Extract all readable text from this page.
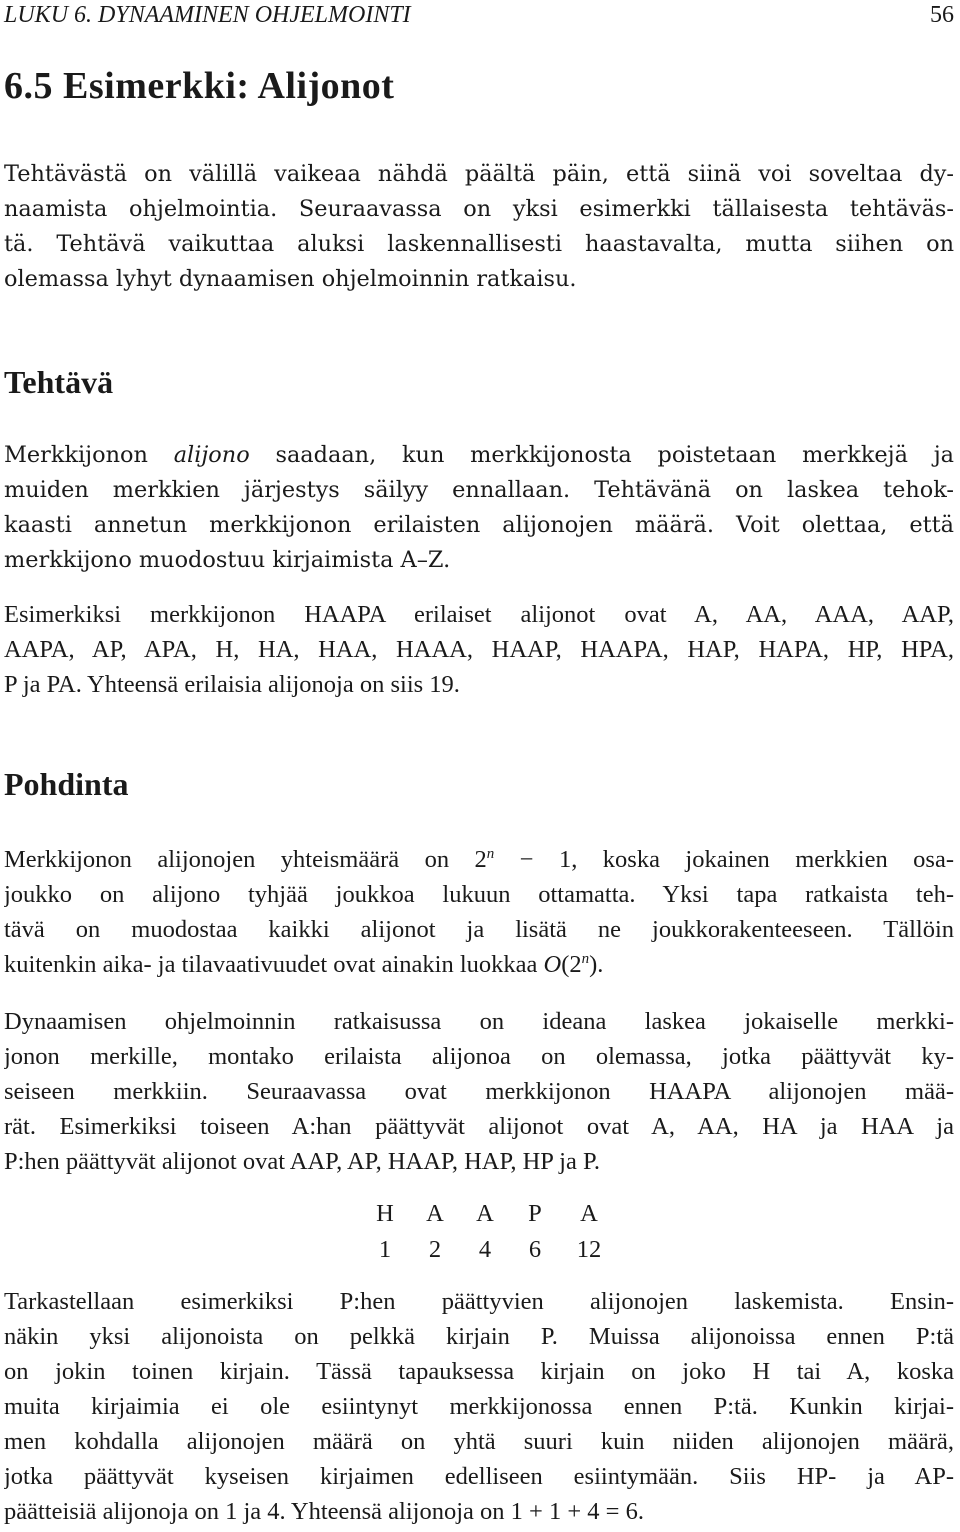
LUKU 6. DYNAAMINEN OHJELMOINTI	56
6.5 Esimerkki: Alijonot
Tehtävästä on välillä vaikeaa nähdä päältä päin, että siinä voi soveltaa dy-
naamista ohjelmointia. Seuraavassa on yksi esimerkki tällaisesta tehtäväs-
tä. Tehtävä vaikuttaa aluksi laskennallisesti haastavalta, mutta siihen on
olemassa lyhyt dynaamisen ohjelmoinnin ratkaisu.
Tehtävä
Merkkijonon alijono saadaan, kun merkkijonosta poistetaan merkkejä ja
muiden merkkien järjestys säilyy ennallaan. Tehtävänä on laskea tehok-
kaasti annetun merkkijonon erilaisten alijonojen määrä. Voit olettaa, että
merkkijono muodostuu kirjaimista A–Z.
Esimerkiksi merkkijonon HAAPA erilaiset alijonot ovat A, AA, AAA, AAP,
AAPA, AP, APA, H, HA, HAA, HAAA, HAAP, HAAPA, HAP, HAPA, HP, HPA,
P ja PA. Yhteensä erilaisia alijonoja on siis 19.
Pohdinta
Merkkijonon alijonojen yhteismäärä on $2^n - 1$, koska jokainen merkkien osa-
joukko on alijono tyhjää joukkoa lukuun ottamatta. Yksi tapa ratkaista teh-
tävä on muodostaa kaikki alijonot ja lisätä ne joukkorakenteeseen. Tällöin
kuitenkin aika- ja tilavaativuudet ovat ainakin luokkaa O(2$^n$).
Dynaamisen ohjelmoinnin ratkaisussa on ideana laskea jokaiselle merkki-
jonon merkille, montako erilaista alijonoa on olemassa, jotka päättyvät ky-
seiseen merkkiin. Seuraavassa ovat merkkijonon HAAPA alijonojen mää-
rät. Esimerkiksi toiseen A:han päättyvät alijonot ovat A, AA, HA ja HAA ja
P:hen päättyvät alijonot ovat AAP, AP, HAAP, HAP, HP ja P.
H	A	A	P	A
1	2	4	6	12
Tarkastellaan esimerkiksi P:hen päättyvien alijonojen laskemista. Ensin-
näkin yksi alijonoista on pelkkä kirjain P. Muissa alijonoissa ennen P:tä
on jokin toinen kirjain. Tässä tapauksessa kirjain on joko H tai A, koska
muita kirjaimia ei ole esiintynyt merkkijonossa ennen P:tä. Kunkin kirjai-
men kohdalla alijonojen määrä on yhtä suuri kuin niiden alijonojen määrä,
jotka päättyvät kyseisen kirjaimen edelliseen esiintymään. Siis HP- ja AP-
päätteisiä alijonoja on 1 ja 4. Yhteensä alijonoja on 1 + 1 + 4 = 6.
